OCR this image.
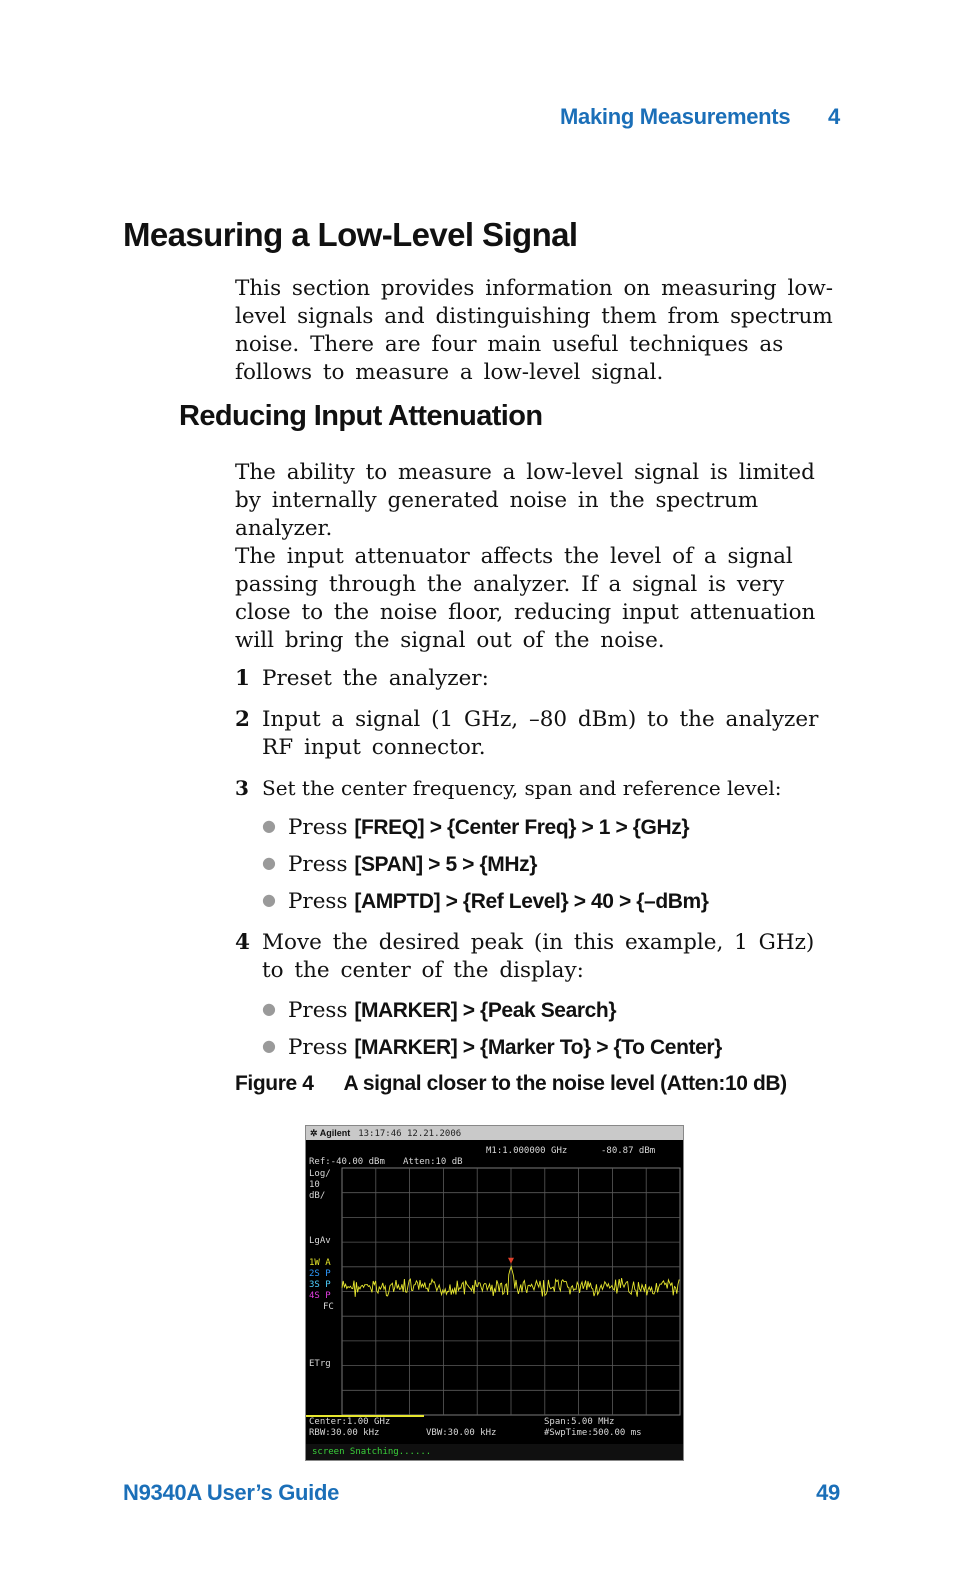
Making Measurements 4
Measuring a Low-Level Signal

This section provides information on measuring low-level signals and distinguishing them from spectrum noise. There are four main useful techniques as follows to measure a low-level signal.

Reducing Input Attenuation

The ability to measure a low-level signal is limited by internally generated noise in the spectrum analyzer.

The input attenuator affects the level of a signal passing through the analyzer. If a signal is very close to the noise floor, reducing input attenuation will bring the signal out of the noise.

1 Preset the analyzer:
2 Input a signal (1 GHz, –80 dBm) to the analyzer RF input connector.
3 Set the center frequency, span and reference level:
● Press [FREQ] > {Center Freq} > 1 > {GHz}
● Press [SPAN] > 5 > {MHz}
● Press [AMPTD] > {Ref Level} > 40 > {–dBm}
4 Move the desired peak (in this example, 1 GHz) to the center of the display:
● Press [MARKER] > {Peak Search}
● Press [MARKER] > {Marker To} > {To Center}
Figure 4 A signal closer to the noise level (Atten:10 dB)
✲ Agilent 13:17:46 12.21.2006
M1:1.000000 GHz	-80.87 dBm
Ref:-40.00 dBm Atten:10 dB
Log/
10
dB/
LgAv
1W A
2S P
3S P
4S P
FC
ETrg
Center:1.00 GHz	Span:5.00 MHz
RBW:30.00 kHz	VBW:30.00 kHz	#SwpTime:500.00 ms
screen Snatching......
N9340A User’s Guide	49
